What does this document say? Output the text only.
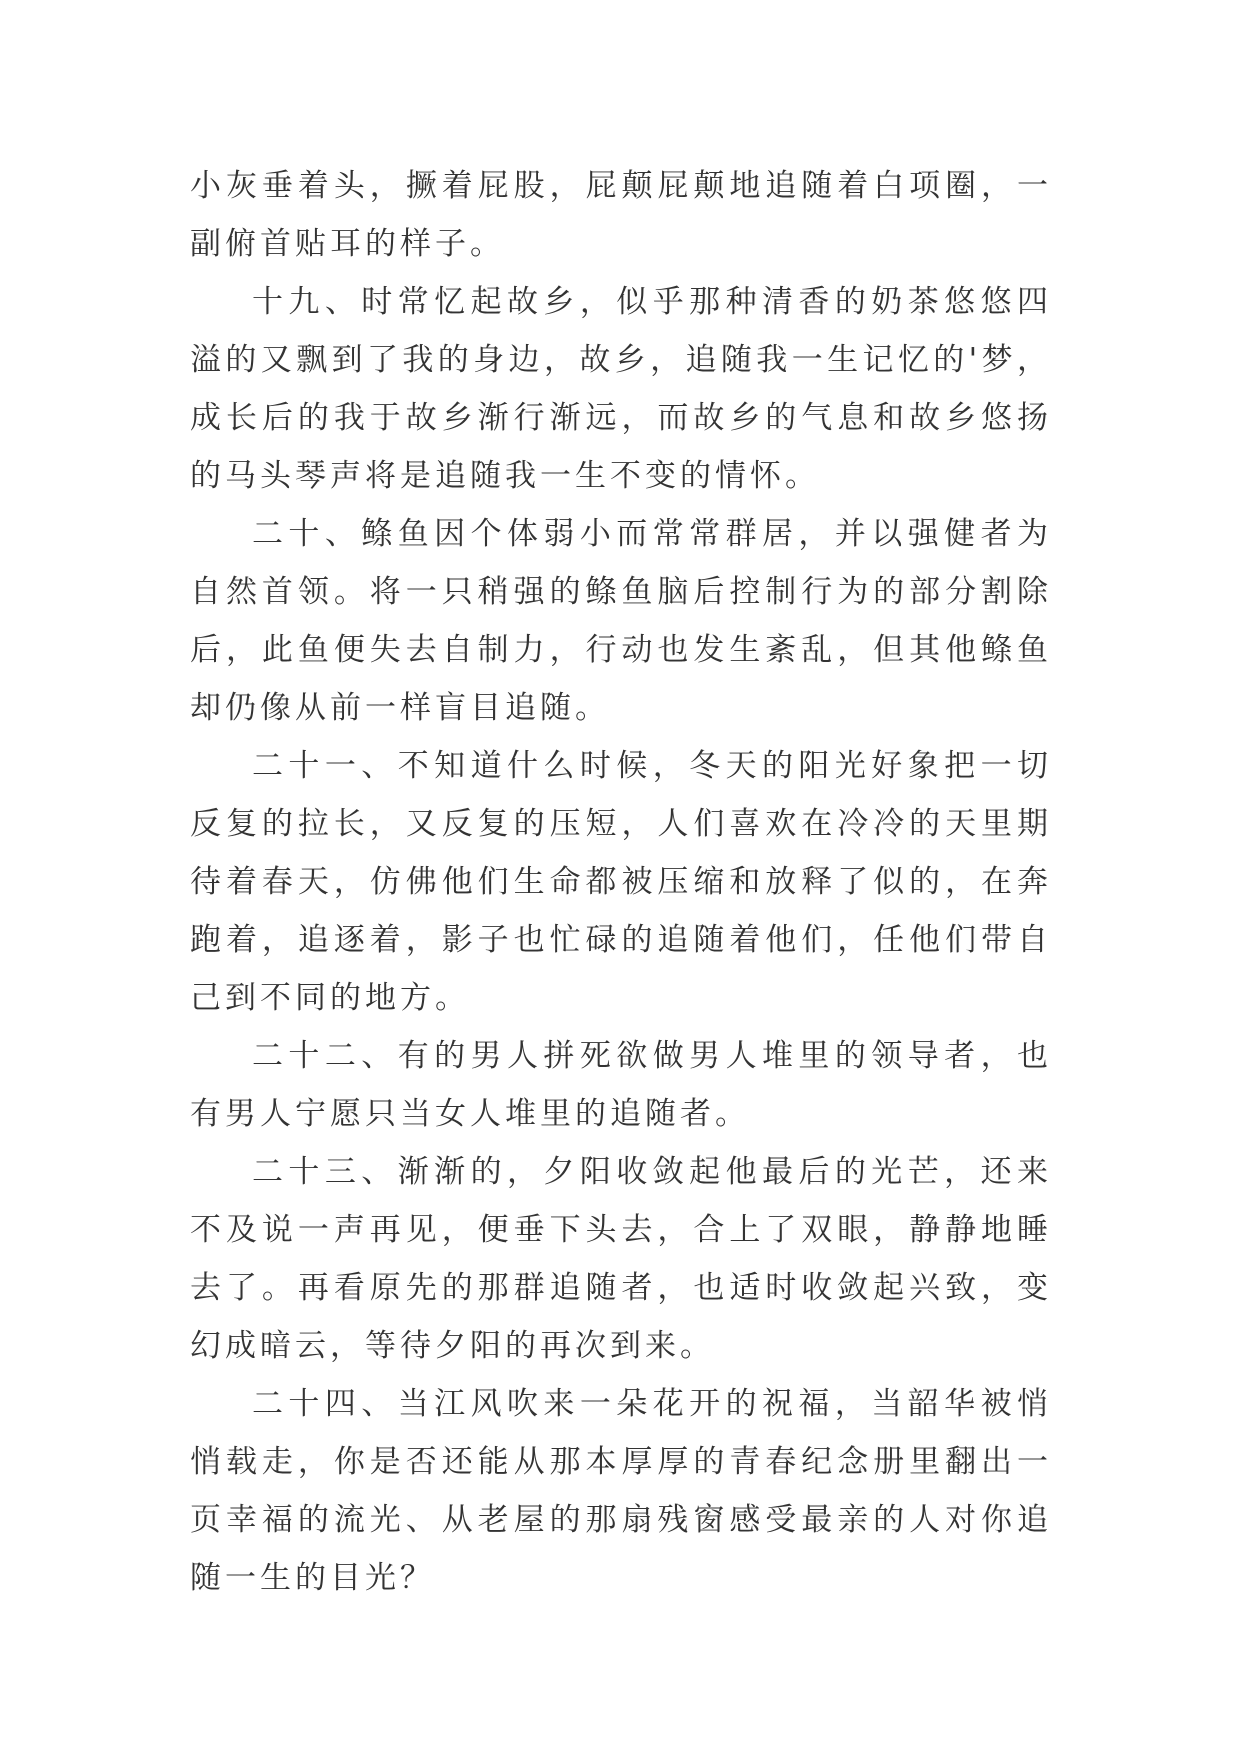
小灰垂着头，撅着屁股，屁颠屁颠地追随着白项圈，一副俯首贴耳的样子。

十九、时常忆起故乡，似乎那种清香的奶茶悠悠四溢的又飘到了我的身边，故乡，追随我一生记忆的'梦，成长后的我于故乡渐行渐远，而故乡的气息和故乡悠扬的马头琴声将是追随我一生不变的情怀。

二十、鲦鱼因个体弱小而常常群居，并以强健者为自然首领。将一只稍强的鲦鱼脑后控制行为的部分割除后，此鱼便失去自制力，行动也发生紊乱，但其他鲦鱼却仍像从前一样盲目追随。

二十一、不知道什么时候，冬天的阳光好象把一切反复的拉长，又反复的压短，人们喜欢在冷冷的天里期待着春天，仿佛他们生命都被压缩和放释了似的，在奔跑着，追逐着，影子也忙碌的追随着他们，任他们带自己到不同的地方。

二十二、有的男人拼死欲做男人堆里的领导者，也有男人宁愿只当女人堆里的追随者。

二十三、渐渐的，夕阳收敛起他最后的光芒，还来不及说一声再见，便垂下头去，合上了双眼，静静地睡去了。再看原先的那群追随者，也适时收敛起兴致，变幻成暗云，等待夕阳的再次到来。

二十四、当江风吹来一朵花开的祝福，当韶华被悄悄载走，你是否还能从那本厚厚的青春纪念册里翻出一页幸福的流光、从老屋的那扇残窗感受最亲的人对你追随一生的目光？
